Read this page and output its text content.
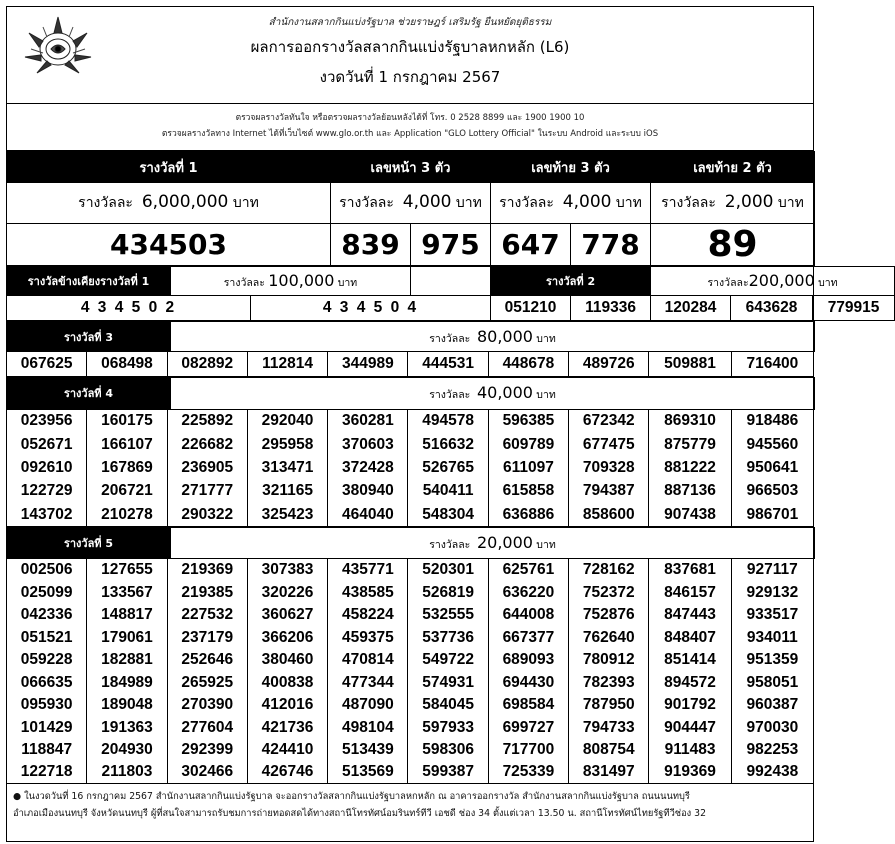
สำนักงานสลากกินแบ่งรัฐบาล ช่วยราษฎร์ เสริมรัฐ ยืนหยัดยุติธรรม
ผลการออกรางวัลสลากกินแบ่งรัฐบาลหกหลัก (L6)
งวดวันที่ 1 กรกฎาคม 2567
ตรวจผลรางวัลทันใจ หรือตรวจผลรางวัลย้อนหลังได้ที่ โทร. 0 2528 8899 และ 1900 1900 10
ตรวจผลรางวัลทาง Internet ได้ที่เว็บไซต์ www.glo.or.th และ Application "GLO Lottery Official" ในระบบ Android และระบบ iOS
รางวัลที่ 1	เลขหน้า 3 ตัว		เลขท้าย 3 ตัว		เลขท้าย 2 ตัว
รางวัลละ 6,000,000 บาท	รางวัลละ 4,000 บาท		รางวัลละ 4,000 บาท		รางวัลละ 2,000 บาท
434503	839	975	647	778	89
รางวัลข้างเคียงรางวัลที่ 1	รางวัลละ 100,000 บาท			รางวัลที่ 2		รางวัลละ200,000 บาท		
4 3 4 5 0 2		4 3 4 5 0 4		051210	119336	120284	643628	779915
รางวัลที่ 3	รางวัลละ 80,000 บาท
067625	068498	082892	112814	344989	444531	448678	489726	509881	716400
รางวัลที่ 4	รางวัลละ 40,000 บาท
023956	160175	225892	292040	360281	494578	596385	672342	869310	918486
052671	166107	226682	295958	370603	516632	609789	677475	875779	945560
092610	167869	236905	313471	372428	526765	611097	709328	881222	950641
122729	206721	271777	321165	380940	540411	615858	794387	887136	966503
143702	210278	290322	325423	464040	548304	636886	858600	907438	986701
รางวัลที่ 5	รางวัลละ 20,000 บาท
002506	127655	219369	307383	435771	520301	625761	728162	837681	927117
025099	133567	219385	320226	438585	526819	636220	752372	846157	929132
042336	148817	227532	360627	458224	532555	644008	752876	847443	933517
051521	179061	237179	366206	459375	537736	667377	762640	848407	934011
059228	182881	252646	380460	470814	549722	689093	780912	851414	951359
066635	184989	265925	400838	477344	574931	694430	782393	894572	958051
095930	189048	270390	412016	487090	584045	698584	787950	901792	960387
101429	191363	277604	421736	498104	597933	699727	794733	904447	970030
118847	204930	292399	424410	513439	598306	717700	808754	911483	982253
122718	211803	302466	426746	513569	599387	725339	831497	919369	992438
● ในงวดวันที่ 16 กรกฎาคม 2567 สำนักงานสลากกินแบ่งรัฐบาล จะออกรางวัลสลากกินแบ่งรัฐบาลหกหลัก ณ อาคารออกรางวัล สำนักงานสลากกินแบ่งรัฐบาล ถนนนนทบุรี
อำเภอเมืองนนทบุรี จังหวัดนนทบุรี ผู้ที่สนใจสามารถรับชมการถ่ายทอดสดได้ทางสถานีโทรทัศน์อมรินทร์ทีวี เอชดี ช่อง 34 ตั้งแต่เวลา 13.50 น. สถานีโทรทัศน์ไทยรัฐทีวีช่อง 32
